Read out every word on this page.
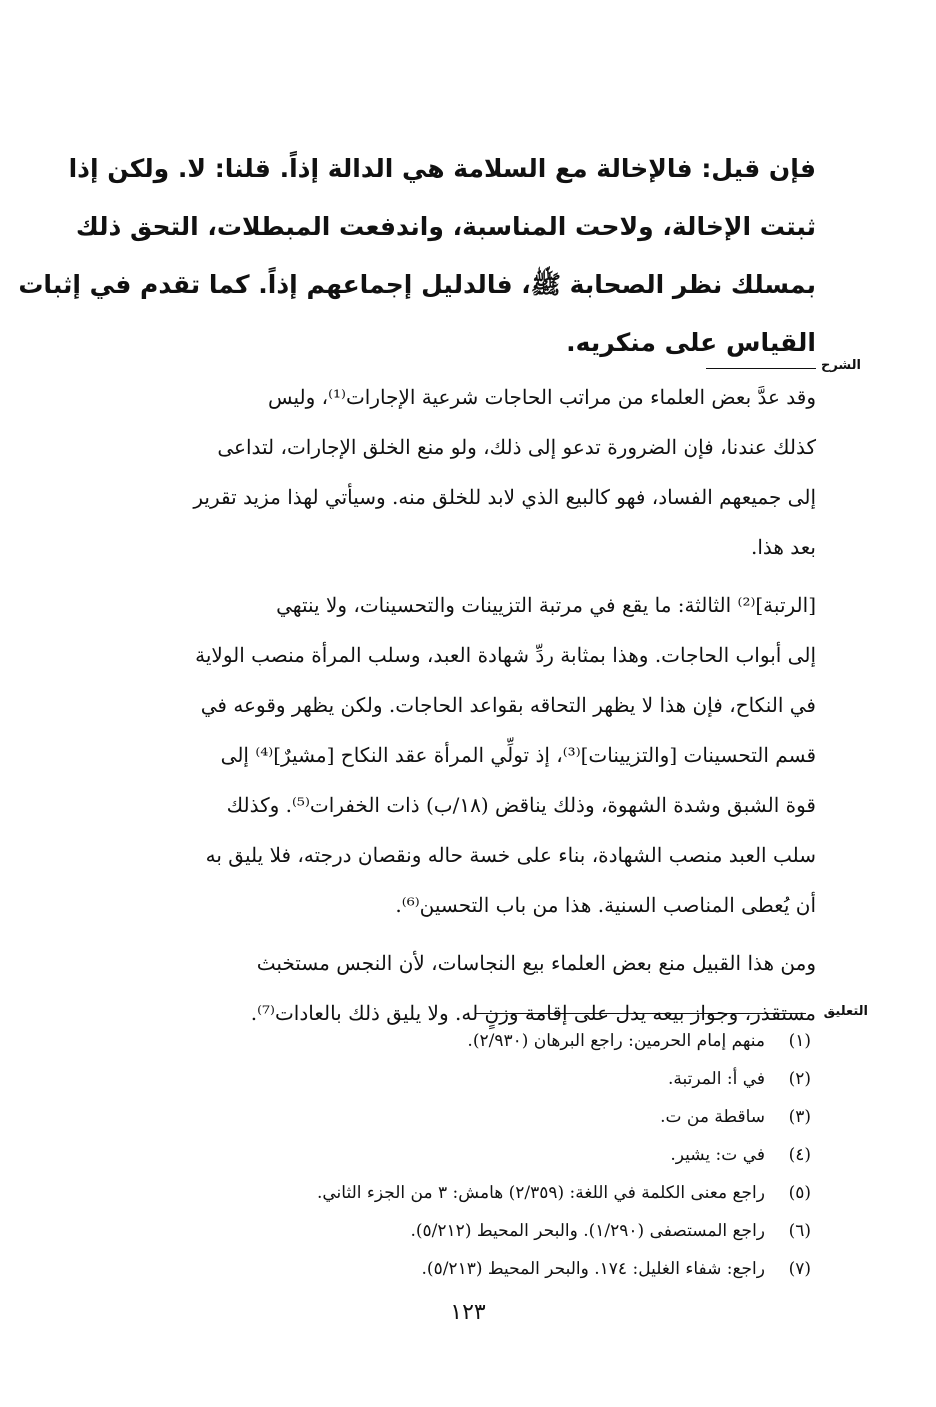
فإن قيل: فالإخالة مع السلامة هي الدالة إذاً. قلنا: لا. ولكن إذا
ثبتت الإخالة، ولاحت المناسبة، واندفعت المبطلات، التحق ذلك
بمسلك نظر الصحابة ﷺ، فالدليل إجماعهم إذاً. كما تقدم في إثبات
القياس على منكريه.
الشرح
وقد عدَّ بعض العلماء من مراتب الحاجات شرعية الإجارات⁽¹⁾، وليس
كذلك عندنا، فإن الضرورة تدعو إلى ذلك، ولو منع الخلق الإجارات، لتداعى
إلى جميعهم الفساد، فهو كالبيع الذي لابد للخلق منه. وسيأتي لهذا مزيد تقرير
بعد هذا.
[الرتبة]⁽²⁾ الثالثة: ما يقع في مرتبة التزيينات والتحسينات، ولا ينتهي
إلى أبواب الحاجات. وهذا بمثابة ردِّ شهادة العبد، وسلب المرأة منصب الولاية
في النكاح، فإن هذا لا يظهر التحاقه بقواعد الحاجات. ولكن يظهر وقوعه في
قسم التحسينات [والتزيينات]⁽³⁾، إذ تولِّي المرأة عقد النكاح [مشيرٌ]⁽⁴⁾ إلى
قوة الشبق وشدة الشهوة، وذلك يناقض (١٨/ب) ذات الخفرات⁽⁵⁾. وكذلك
سلب العبد منصب الشهادة، بناء على خسة حاله ونقصان درجته، فلا يليق به
أن يُعطى المناصب السنية. هذا من باب التحسين⁽⁶⁾.
ومن هذا القبيل منع بعض العلماء بيع النجاسات، لأن النجس مستخبث
مستقذر، وجواز بيعه يدل على إقامة وزنٍ له. ولا يليق ذلك بالعادات⁽⁷⁾. التعليق
(١)
منهم إمام الحرمين: راجع البرهان (٢/٩٣٠).
(٢)
في أ: المرتبة.
(٣)
ساقطة من ت.
(٤)
في ت: يشير.
(٥)
راجع معنى الكلمة في اللغة: (٢/٣٥٩) هامش: ٣ من الجزء الثاني.
(٦)
راجع المستصفى (١/٢٩٠). والبحر المحيط (٥/٢١٢).
(٧)
راجع: شفاء الغليل: ١٧٤. والبحر المحيط (٥/٢١٣).
١٢٣
